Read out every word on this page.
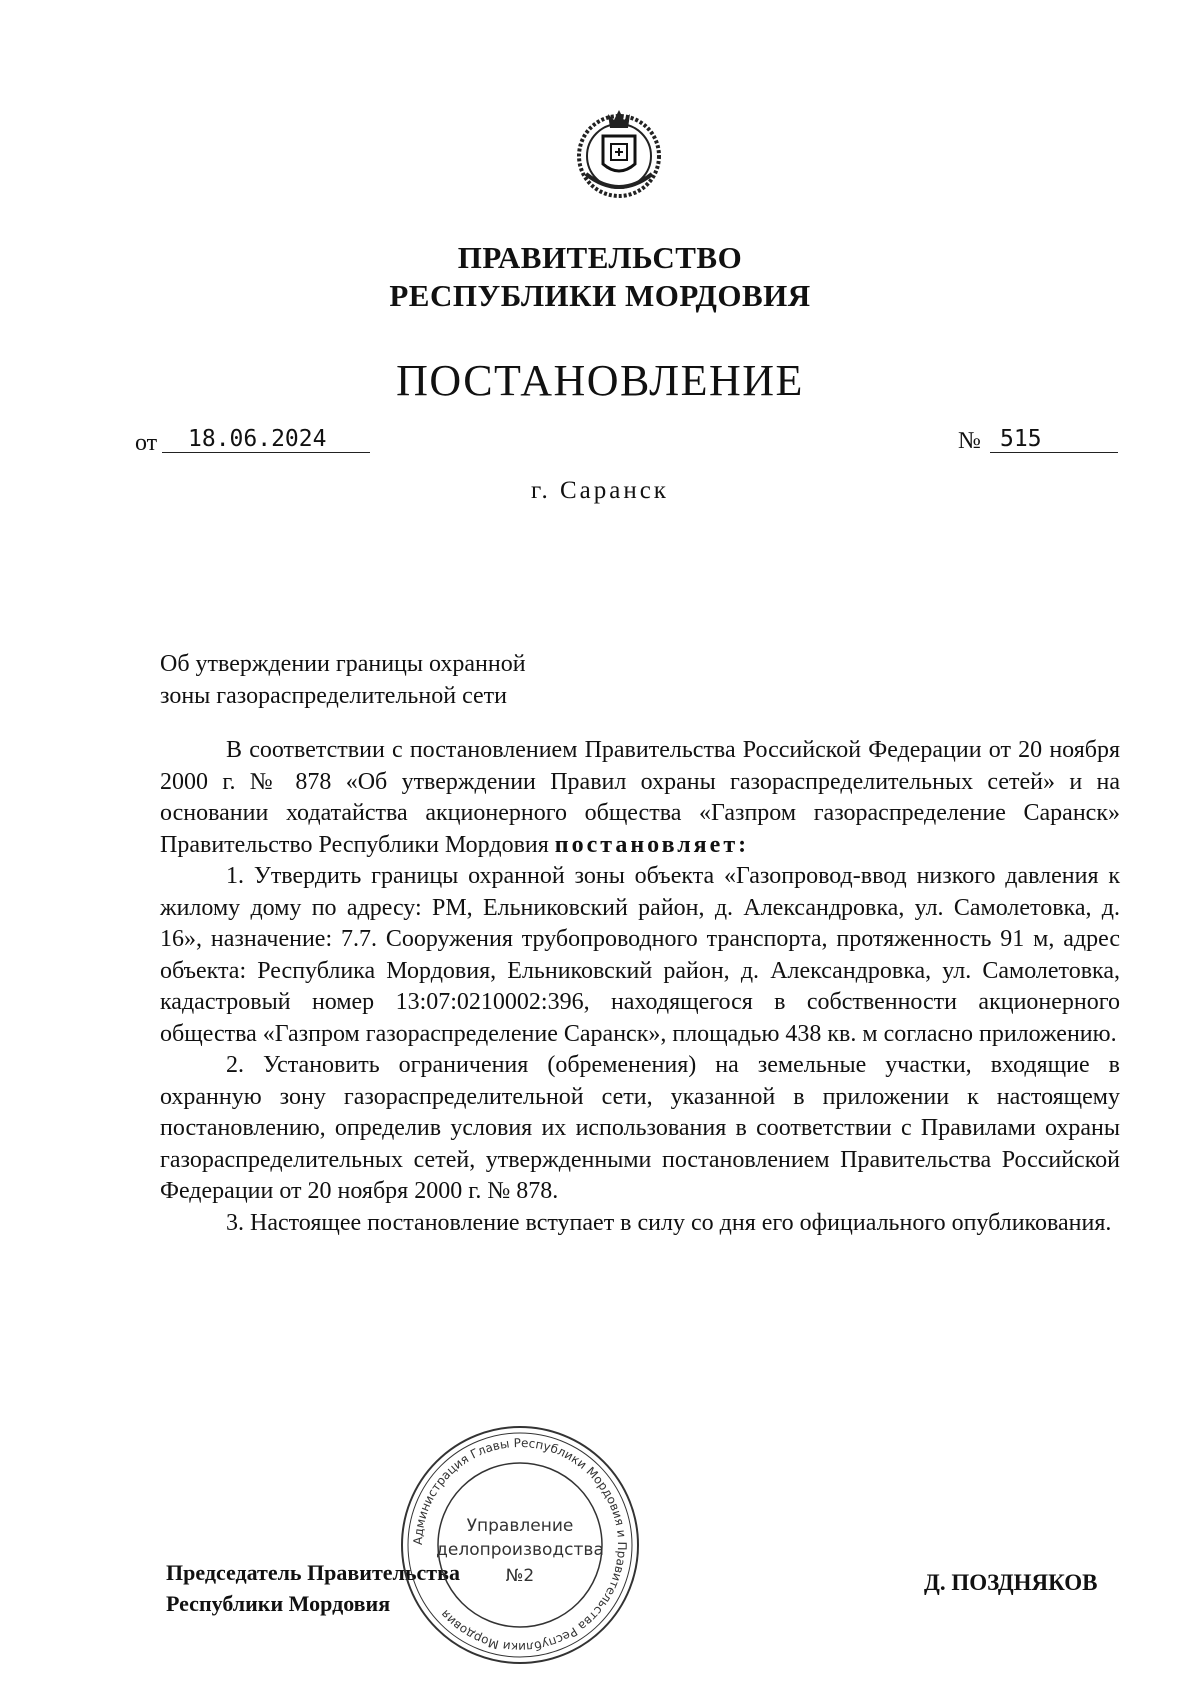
ПРАВИТЕЛЬСТВО
РЕСПУБЛИКИ МОРДОВИЯ
ПОСТАНОВЛЕНИЕ
от	18.06.2024	№ 515
г. Саранск
Об утверждении границы охранной
зоны газораспределительной сети

В соответствии с постановлением Правительства Российской Федерации от 20 ноября 2000 г. № 878 «Об утверждении Правил охраны газораспределительных сетей» и на основании ходатайства акционерного общества «Газпром газораспределение Саранск» Правительство Республики Мордовия постановляет:

1. Утвердить границы охранной зоны объекта «Газопровод-ввод низкого давления к жилому дому по адресу: РМ, Ельниковский район, д. Александровка, ул. Самолетовка, д. 16», назначение: 7.7. Сооружения трубопроводного транспорта, протяженность 91 м, адрес объекта: Республика Мордовия, Ельниковский район, д. Александровка, ул. Самолетовка, кадастровый номер 13:07:0210002:396, находящегося в собственности акционерного общества «Газпром газораспределение Саранск», площадью 438 кв. м согласно приложению.

2. Установить ограничения (обременения) на земельные участки, входящие в охранную зону газораспределительной сети, указанной в приложении к настоящему постановлению, определив условия их использования в соответствии с Правилами охраны газораспределительных сетей, утвержденными постановлением Правительства Российской Федерации от 20 ноября 2000 г. № 878.

3. Настоящее постановление вступает в силу со дня его официального опубликования.

Председатель Правительства
Республики Мордовия
Д. ПОЗДНЯКОВ
Администрация Главы Республики Мордовия и Правительства Республики Мордовия
Управление
делопроизводства
№2
